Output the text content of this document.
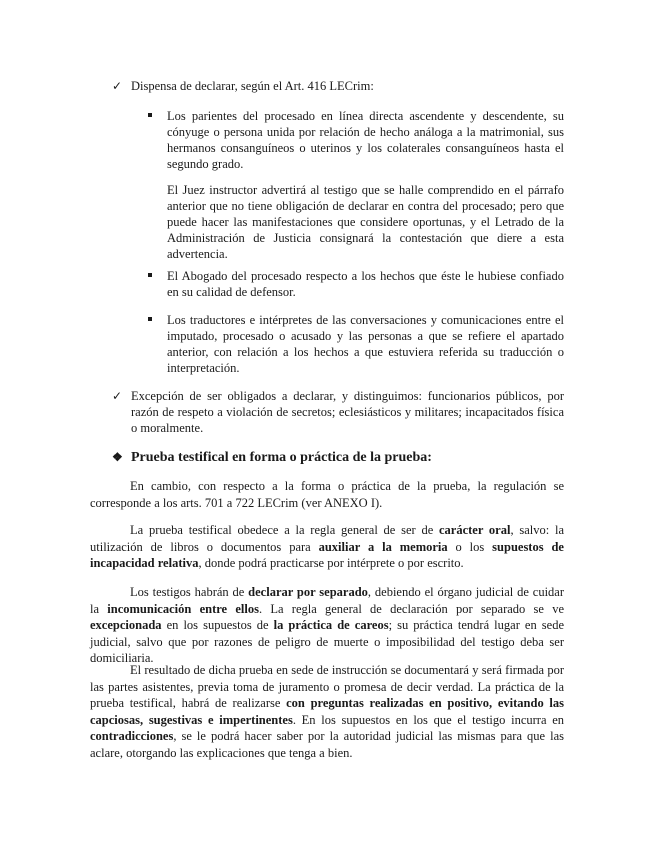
✓ Dispensa de declarar, según el Art. 416 LECrim:
Los parientes del procesado en línea directa ascendente y descendente, su cónyuge o persona unida por relación de hecho análoga a la matrimonial, sus hermanos consanguíneos o uterinos y los colaterales consanguíneos hasta el segundo grado.
El Juez instructor advertirá al testigo que se halle comprendido en el párrafo anterior que no tiene obligación de declarar en contra del procesado; pero que puede hacer las manifestaciones que considere oportunas, y el Letrado de la Administración de Justicia consignará la contestación que diere a esta advertencia.
El Abogado del procesado respecto a los hechos que éste le hubiese confiado en su calidad de defensor.
Los traductores e intérpretes de las conversaciones y comunicaciones entre el imputado, procesado o acusado y las personas a que se refiere el apartado anterior, con relación a los hechos a que estuviera referida su traducción o interpretación.
✓ Excepción de ser obligados a declarar, y distinguimos: funcionarios públicos, por razón de respeto a violación de secretos; eclesiásticos y militares; incapacitados física o moralmente.
❖ Prueba testifical en forma o práctica de la prueba:
En cambio, con respecto a la forma o práctica de la prueba, la regulación se corresponde a los arts. 701 a 722 LECrim (ver ANEXO I).
La prueba testifical obedece a la regla general de ser de carácter oral, salvo: la utilización de libros o documentos para auxiliar a la memoria o los supuestos de incapacidad relativa, donde podrá practicarse por intérprete o por escrito.
Los testigos habrán de declarar por separado, debiendo el órgano judicial de cuidar la incomunicación entre ellos. La regla general de declaración por separado se ve excepcionada en los supuestos de la práctica de careos; su práctica tendrá lugar en sede judicial, salvo que por razones de peligro de muerte o imposibilidad del testigo deba ser domiciliaria.
El resultado de dicha prueba en sede de instrucción se documentará y será firmada por las partes asistentes, previa toma de juramento o promesa de decir verdad. La práctica de la prueba testifical, habrá de realizarse con preguntas realizadas en positivo, evitando las capciosas, sugestivas e impertinentes. En los supuestos en los que el testigo incurra en contradicciones, se le podrá hacer saber por la autoridad judicial las mismas para que las aclare, otorgando las explicaciones que tenga a bien.
